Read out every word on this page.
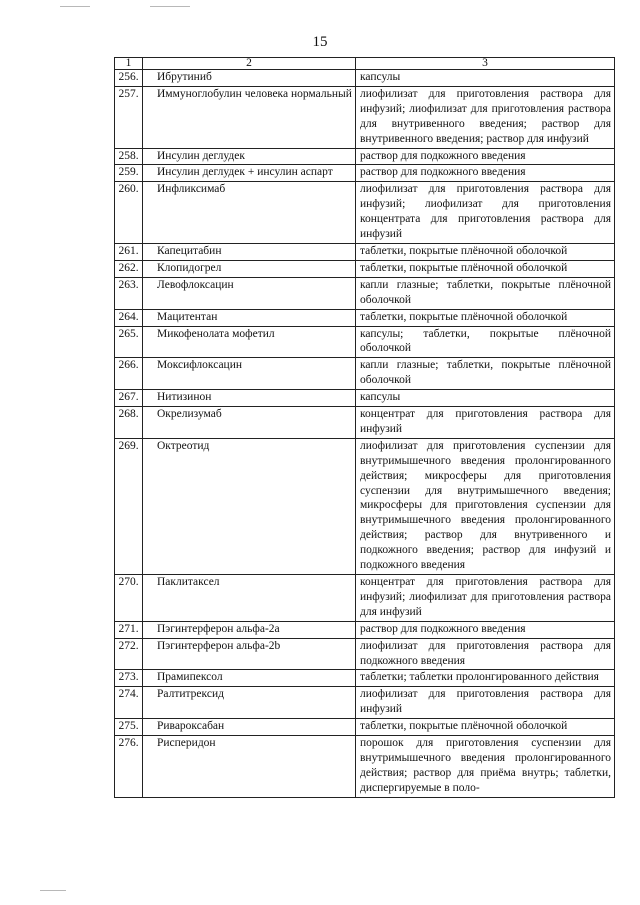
15
1	2	3
256.	Ибрутиниб	капсулы
257.	Иммуноглобулин человека нормальный	лиофилизат для приготовления раствора для инфузий; лиофилизат для приготовления раствора для внутривенного введения; раствор для внутривенного введения; раствор для инфузий
258.	Инсулин деглудек	раствор для подкожного введения
259.	Инсулин деглудек + инсулин аспарт	раствор для подкожного введения
260.	Инфликсимаб	лиофилизат для приготовления раствора для инфузий; лиофилизат для приготовления концентрата для приготовления раствора для инфузий
261.	Капецитабин	таблетки, покрытые плёночной оболочкой
262.	Клопидогрел	таблетки, покрытые плёночной оболочкой
263.	Левофлоксацин	капли глазные; таблетки, покрытые плёночной оболочкой
264.	Мацитентан	таблетки, покрытые плёночной оболочкой
265.	Микофенолата мофетил	капсулы; таблетки, покрытые плёночной оболочкой
266.	Моксифлоксацин	капли глазные; таблетки, покрытые плёночной оболочкой
267.	Нитизинон	капсулы
268.	Окрелизумаб	концентрат для приготовления раствора для инфузий
269.	Октреотид	лиофилизат для приготовления суспензии для внутримышечного введения пролонгированного действия; микросферы для приготовления суспензии для внутримышечного введения; микросферы для приготовления суспензии для внутримышечного введения пролонгированного действия; раствор для внутривенного и подкожного введения; раствор для инфузий и подкожного введения
270.	Паклитаксел	концентрат для приготовления раствора для инфузий; лиофилизат для приготовления раствора для инфузий
271.	Пэгинтерферон альфа-2а	раствор для подкожного введения
272.	Пэгинтерферон альфа-2b	лиофилизат для приготовления раствора для подкожного введения
273.	Прамипексол	таблетки; таблетки пролонгированного действия
274.	Ралтитрексид	лиофилизат для приготовления раствора для инфузий
275.	Ривароксабан	таблетки, покрытые плёночной оболочкой
276.	Рисперидон	порошок для приготовления суспензии для внутримышечного введения пролонгированного действия; раствор для приёма внутрь; таблетки, диспергируемые в поло-
